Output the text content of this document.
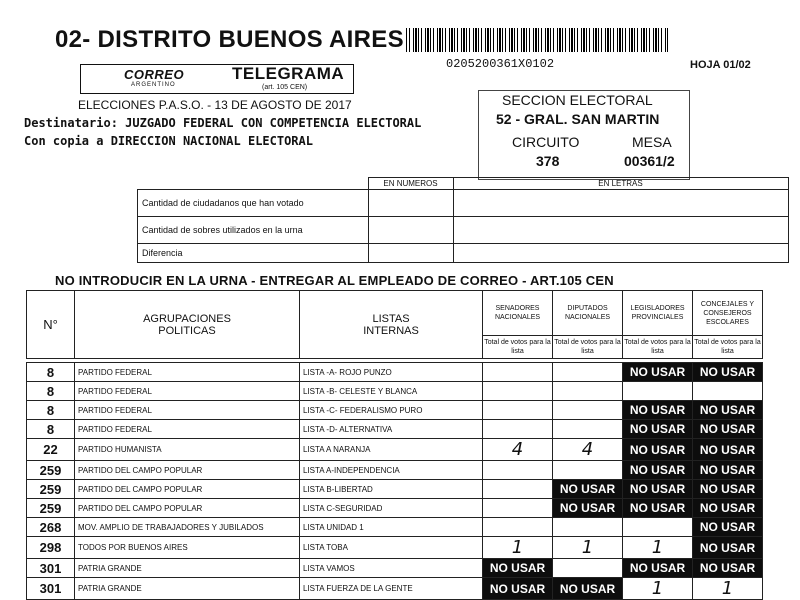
02- DISTRITO BUENOS AIRES
0205200361X0102	HOJA 01/02
CORREO
ARGENTINO
TELEGRAMA
(art. 105 CEN)
ELECCIONES P.A.S.O. - 13 DE AGOSTO DE 2017
Destinatario: JUZGADO FEDERAL CON COMPETENCIA ELECTORAL
Con copia a DIRECCION NACIONAL ELECTORAL
SECCION ELECTORAL
52 - GRAL. SAN MARTIN
CIRCUITO	MESA
378	00361/2
	EN NUMEROS	EN LETRAS
Cantidad de ciudadanos que han votado		
Cantidad de sobres utilizados en la urna		
Diferencia		
NO INTRODUCIR EN LA URNA - ENTREGAR AL EMPLEADO DE CORREO - ART.105 CEN
N°	AGRUPACIONES POLITICAS	LISTAS INTERNAS	SENADORES NACIONALES	DIPUTADOS NACIONALES	LEGISLADORES PROVINCIALES	CONCEJALES Y CONSEJEROS ESCOLARES
			Total de votos para la lista	Total de votos para la lista	Total de votos para la lista	Total de votos para la lista

8	PARTIDO FEDERAL	LISTA -A- ROJO PUNZO			NO USAR	NO USAR
8	PARTIDO FEDERAL	LISTA -B- CELESTE Y BLANCA				
8	PARTIDO FEDERAL	LISTA -C- FEDERALISMO PURO			NO USAR	NO USAR
8	PARTIDO FEDERAL	LISTA -D- ALTERNATIVA			NO USAR	NO USAR
22	PARTIDO HUMANISTA	LISTA A NARANJA	4	4	NO USAR	NO USAR
259	PARTIDO DEL CAMPO POPULAR	LISTA A-INDEPENDENCIA			NO USAR	NO USAR
259	PARTIDO DEL CAMPO POPULAR	LISTA B-LIBERTAD		NO USAR	NO USAR	NO USAR
259	PARTIDO DEL CAMPO POPULAR	LISTA C-SEGURIDAD		NO USAR	NO USAR	NO USAR
268	MOV. AMPLIO DE TRABAJADORES Y JUBILADOS	LISTA UNIDAD 1				NO USAR
298	TODOS POR BUENOS AIRES	LISTA TOBA	1	1	1	NO USAR
301	PATRIA GRANDE	LISTA VAMOS	NO USAR		NO USAR	NO USAR
301	PATRIA GRANDE	LISTA FUERZA DE LA GENTE	NO USAR	NO USAR	1	1
